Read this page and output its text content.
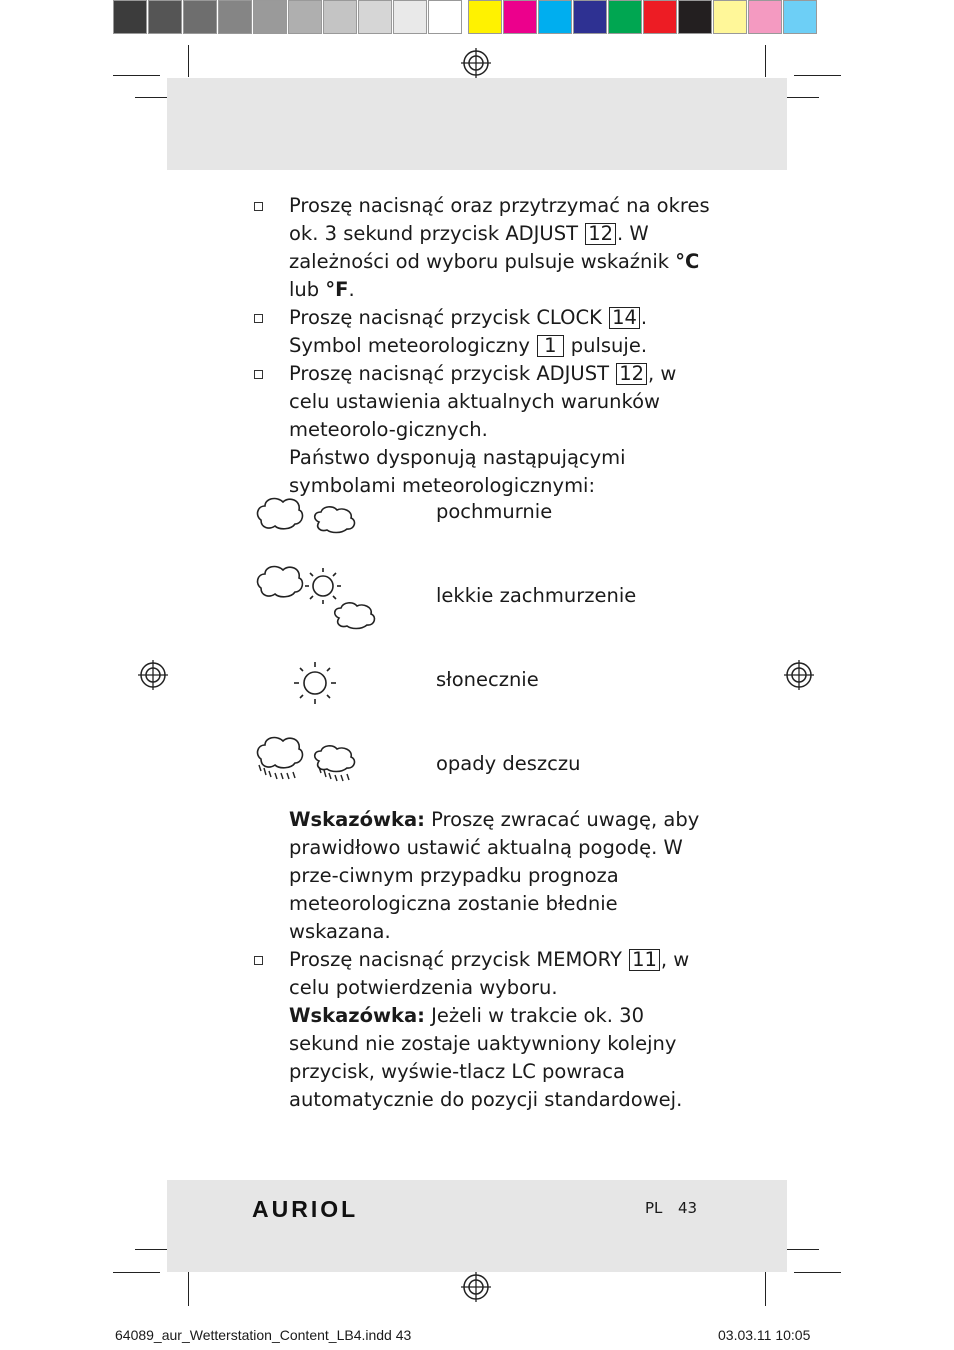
Proszę nacisnąć oraz przytrzymać na okres ok. 3 sekund przycisk ADJUST 12 . W zależności od wyboru pulsuje wskaźnik °C lub °F.

Proszę nacisnąć przycisk CLOCK 14 . Symbol meteorologiczny 1 pulsuje.

Proszę nacisnąć przycisk ADJUST 12 , w celu ustawienia aktualnych warunków meteorolo-gicznych.

Państwo dysponują nastąpującymi symbolami meteorologicznymi:

pochmurnie
lekkie zachmurzenie
słonecznie
opady deszczu

Wskazówka: Proszę zwracać uwagę, aby prawidłowo ustawić aktualną pogodę. W prze-ciwnym przypadku prognoza meteorologiczna zostanie błednie wskazana.

Proszę nacisnąć przycisk MEMORY 11 , w celu potwierdzenia wyboru.

Wskazówka: Jeżeli w trakcie ok. 30 sekund nie zostaje uaktywniony kolejny przycisk, wyświe-tlacz LC powraca automatycznie do pozycji standardowej.

AURIOL	PL 43
64089_aur_Wetterstation_Content_LB4.indd 43	03.03.11 10:05
